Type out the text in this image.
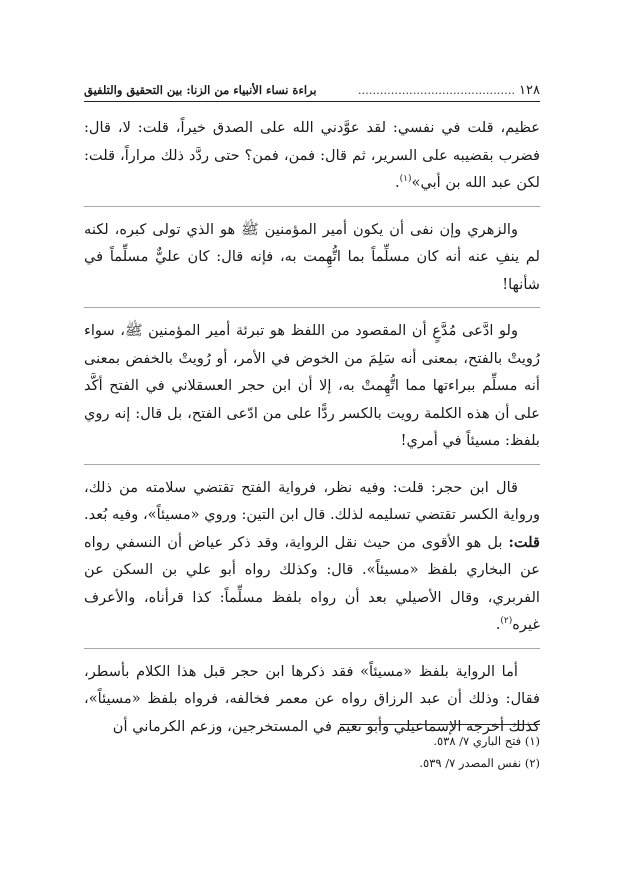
١٢٨
...........................................
براءة نساء الأنبياء من الزنا: بين التحقيق والتلفيق

عظيم، قلت في نفسي: لقد عوَّدني الله على الصدق خيراً، قلت: لا، قال: فضرب بقضيبه على السرير، ثم قال: فمن، فمن؟ حتى ردَّد ذلك مراراً، قلت: لكن عبد الله بن أبي»$^{(١)}$.

والزهري وإن نفى أن يكون أمير المؤمنين ﷺ هو الذي تولى كبره، لكنه لم ينفِ عنه أنه كان مسلِّماً بما اتُّهِمت به، فإنه قال: كان عليٌّ مسلِّماً في شأنها!

ولو ادَّعى مُدَّعٍ أن المقصود من اللفظ هو تبرئة أمير المؤمنين ﷺ، سواء رُويتْ بالفتح، بمعنى أنه سَلِمَ من الخوض في الأمر، أو رُويتْ بالخفض بمعنى أنه مسلِّم ببراءتها مما اتُّهِمتْ به، إلا أن ابن حجر العسقلاني في الفتح أكَّد على أن هذه الكلمة رويت بالكسر ردًّا على من ادّعى الفتح، بل قال: إنه روي بلفظ: مسيئاً في أمري!

قال ابن حجر: قلت: وفيه نظر، فرواية الفتح تقتضي سلامته من ذلك، ورواية الكسر تقتضي تسليمه لذلك. قال ابن التين: وروي «مسيئاً»، وفيه بُعد. قلت: بل هو الأقوى من حيث نقل الرواية، وقد ذكر عياض أن النسفي رواه عن البخاري بلفظ «مسيئاً». قال: وكذلك رواه أبو علي بن السكن عن الفربري، وقال الأصيلي بعد أن رواه بلفظ مسلِّماً: كذا قرأناه، والأعرف غيره$^{(٢)}$.

أما الرواية بلفظ «مسيئاً» فقد ذكرها ابن حجر قبل هذا الكلام بأسطر، فقال: وذلك أن عبد الرزاق رواه عن معمر فخالفه، فرواه بلفظ «مسيئاً»، كذلك أخرجه الإسماعيلي وأبو نعيم في المستخرجين، وزعم الكرماني أن

(١) فتح الباري ٧/ ٥٣٨.
(٢) نفس المصدر ٧/ ٥٣٩.
